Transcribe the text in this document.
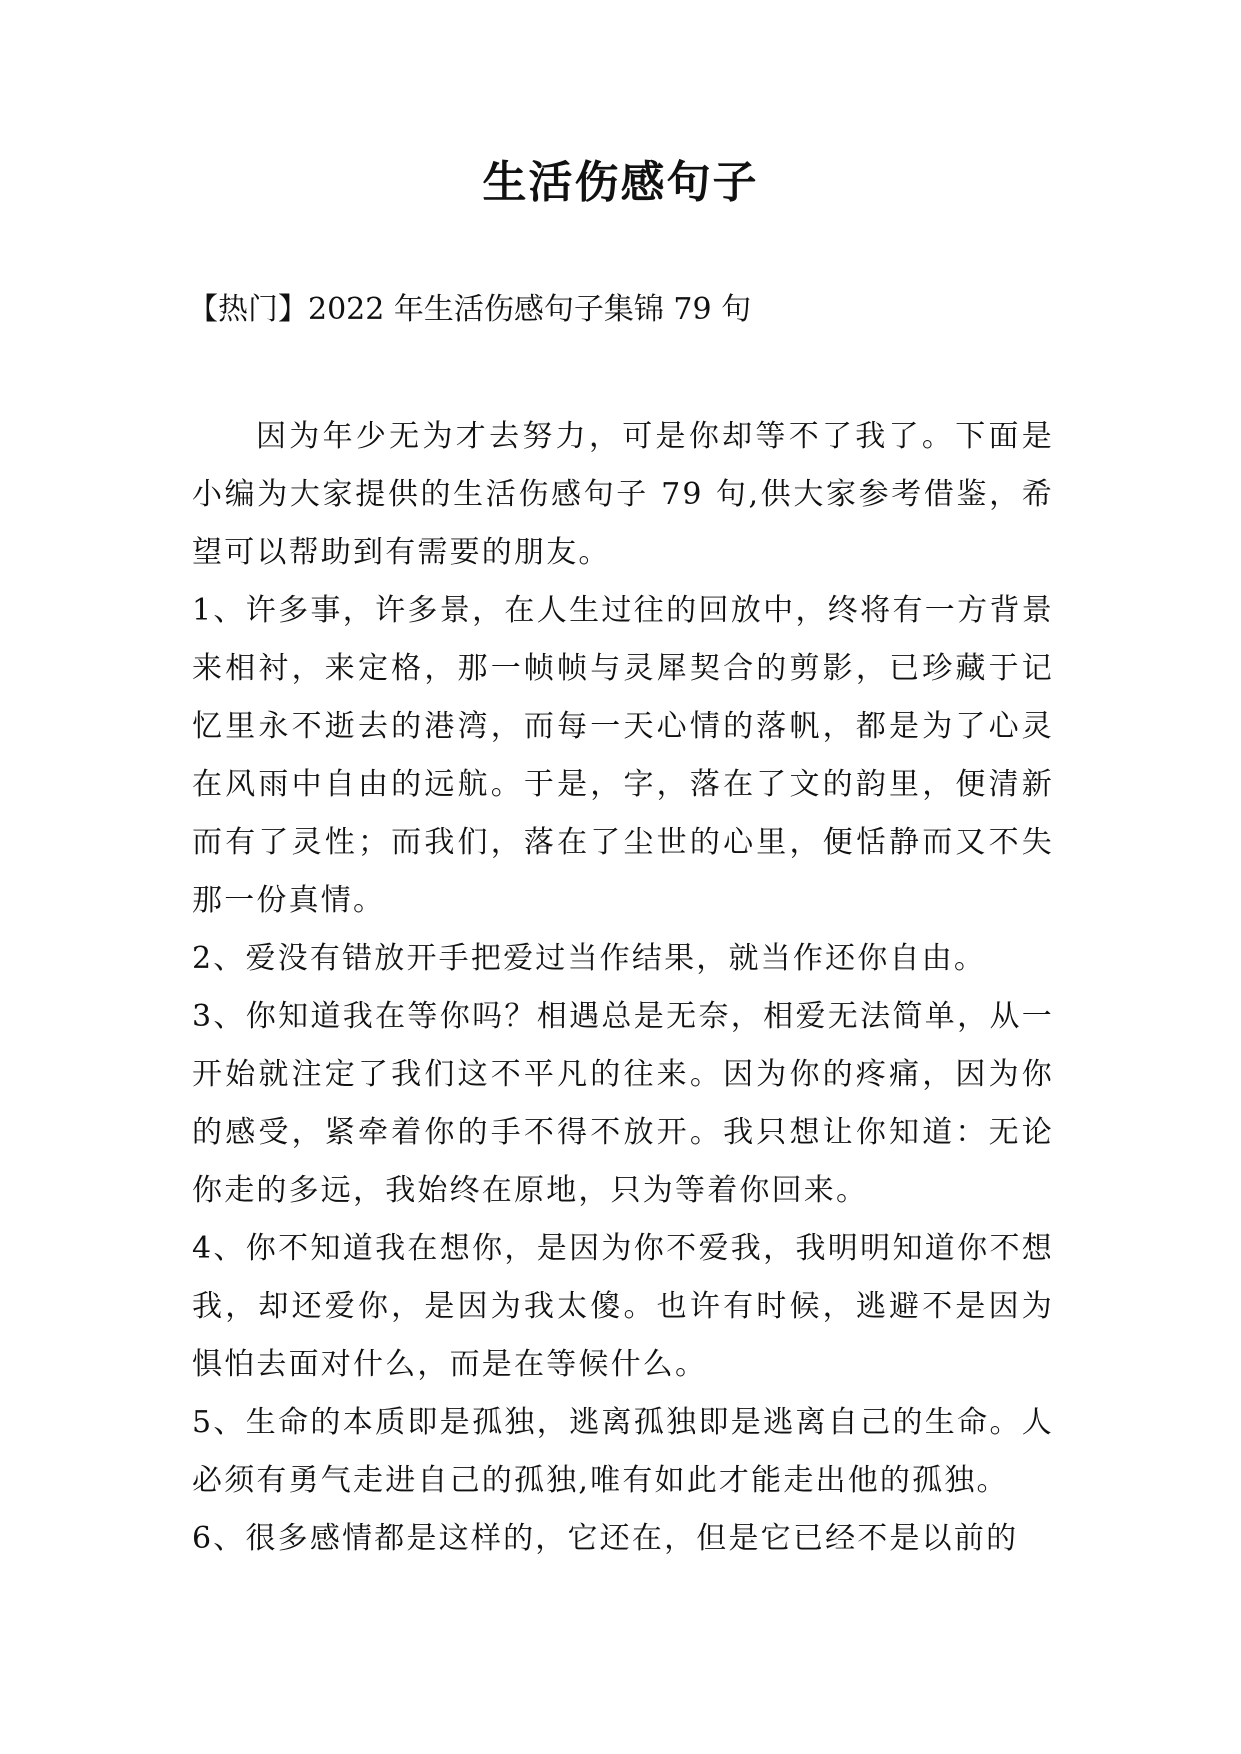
生活伤感句子
【热门】2022 年生活伤感句子集锦 79 句

因为年少无为才去努力，可是你却等不了我了。下面是小编为大家提供的生活伤感句子 79 句,供大家参考借鉴，希望可以帮助到有需要的朋友。

1、许多事，许多景，在人生过往的回放中，终将有一方背景来相衬，来定格，那一帧帧与灵犀契合的剪影，已珍藏于记忆里永不逝去的港湾，而每一天心情的落帆，都是为了心灵在风雨中自由的远航。于是，字，落在了文的韵里，便清新而有了灵性；而我们，落在了尘世的心里，便恬静而又不失那一份真情。

2、爱没有错放开手把爱过当作结果，就当作还你自由。

3、你知道我在等你吗？相遇总是无奈，相爱无法简单，从一开始就注定了我们这不平凡的往来。因为你的疼痛，因为你的感受，紧牵着你的手不得不放开。我只想让你知道：无论你走的多远，我始终在原地，只为等着你回来。

4、你不知道我在想你，是因为你不爱我，我明明知道你不想我，却还爱你，是因为我太傻。也许有时候，逃避不是因为惧怕去面对什么，而是在等候什么。

5、生命的本质即是孤独，逃离孤独即是逃离自己的生命。人必须有勇气走进自己的孤独,唯有如此才能走出他的孤独。

6、很多感情都是这样的，它还在，但是它已经不是以前的
